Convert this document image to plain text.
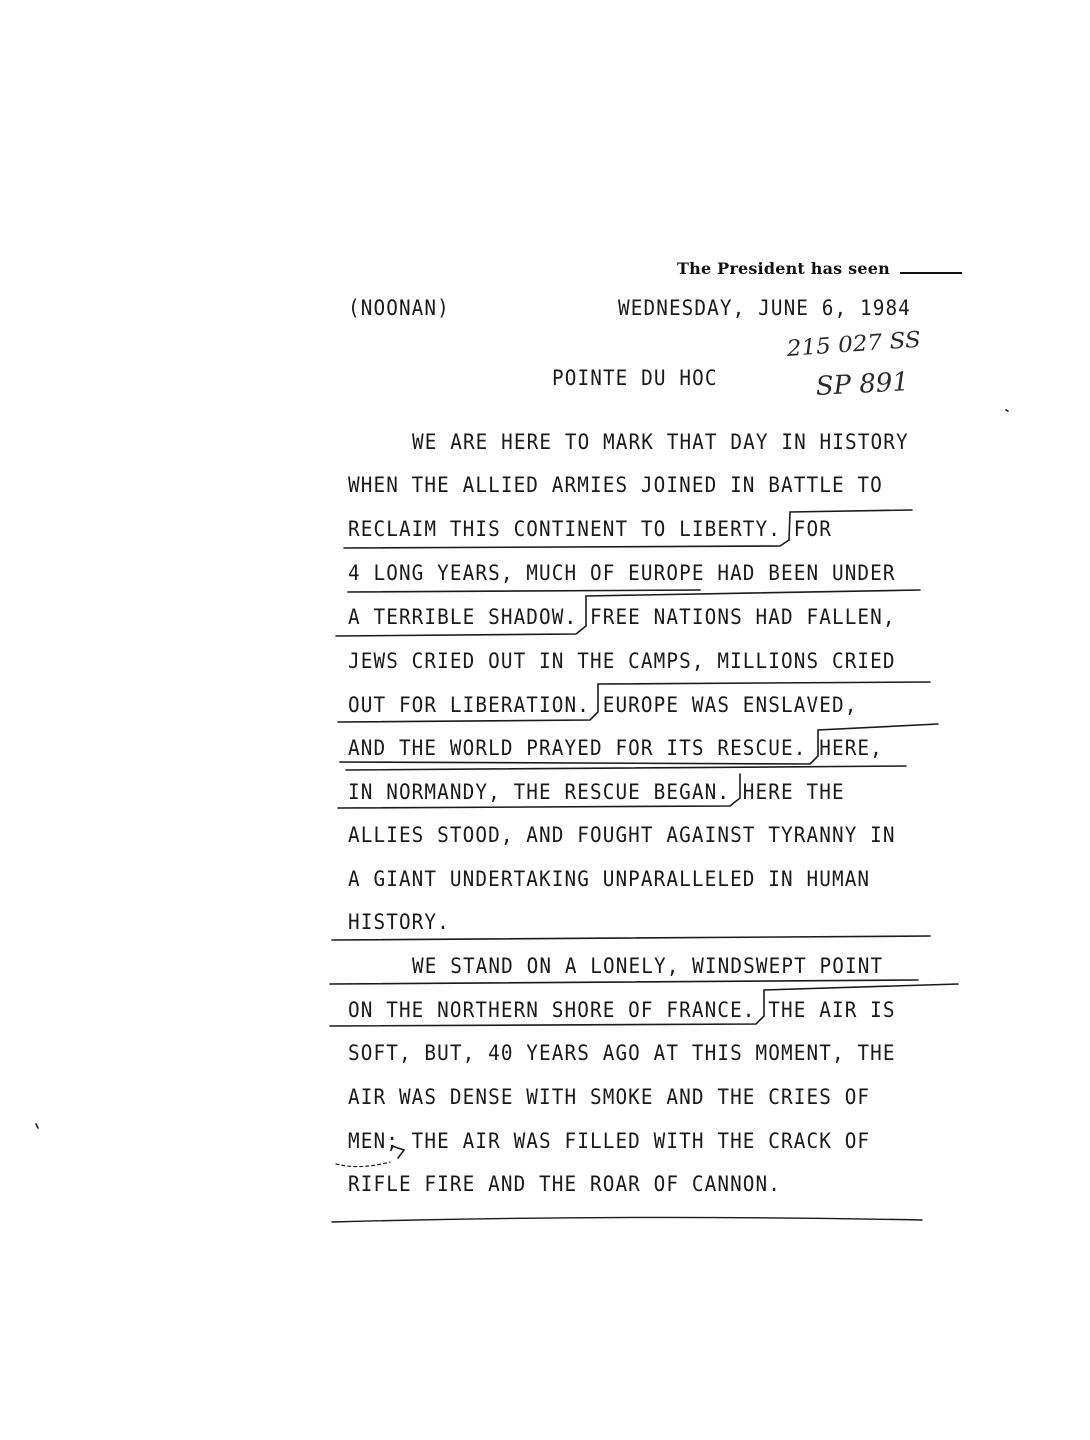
The President has seen
(NOONAN)	WEDNESDAY, JUNE 6, 1984
POINTE DU HOC
215 027 SS
SP 891
WE ARE HERE TO MARK THAT DAY IN HISTORY
WHEN THE ALLIED ARMIES JOINED IN BATTLE TO
RECLAIM THIS CONTINENT TO LIBERTY. FOR
4 LONG YEARS, MUCH OF EUROPE HAD BEEN UNDER
A TERRIBLE SHADOW. FREE NATIONS HAD FALLEN,
JEWS CRIED OUT IN THE CAMPS, MILLIONS CRIED
OUT FOR LIBERATION. EUROPE WAS ENSLAVED,
AND THE WORLD PRAYED FOR ITS RESCUE. HERE,
IN NORMANDY, THE RESCUE BEGAN. HERE THE
ALLIES STOOD, AND FOUGHT AGAINST TYRANNY IN
A GIANT UNDERTAKING UNPARALLELED IN HUMAN
HISTORY.
WE STAND ON A LONELY, WINDSWEPT POINT
ON THE NORTHERN SHORE OF FRANCE. THE AIR IS
SOFT, BUT, 40 YEARS AGO AT THIS MOMENT, THE
AIR WAS DENSE WITH SMOKE AND THE CRIES OF
MEN; THE AIR WAS FILLED WITH THE CRACK OF
RIFLE FIRE AND THE ROAR OF CANNON.
